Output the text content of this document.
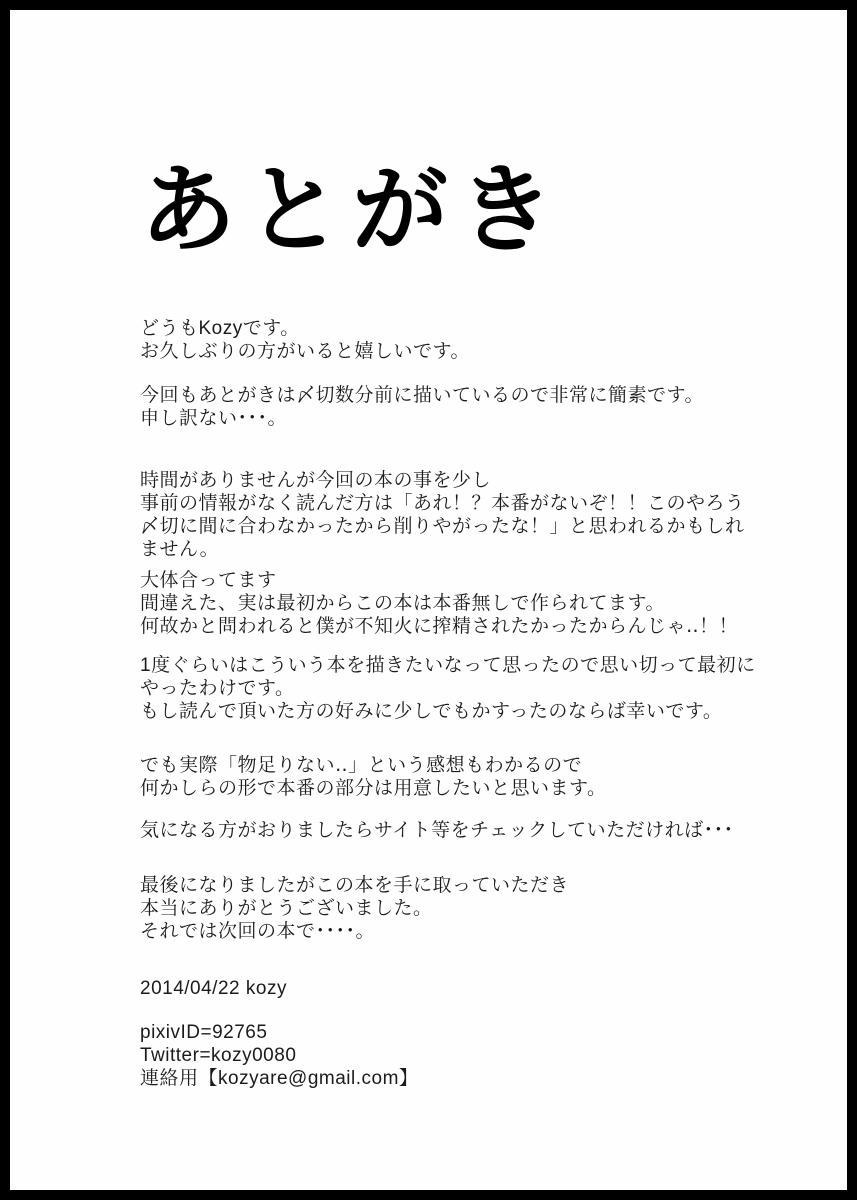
あとがき
どうもKozyです。
お久しぶりの方がいると嬉しいです。
今回もあとがきは〆切数分前に描いているので非常に簡素です。
申し訳ない･･･。
時間がありませんが今回の本の事を少し
事前の情報がなく読んだ方は「あれ！？本番がないぞ！！このやろう
〆切に間に合わなかったから削りやがったな！」と思われるかもしれ
ません。
大体合ってます
間違えた、実は最初からこの本は本番無しで作られてます。
何故かと問われると僕が不知火に搾精されたかったからんじゃ‥！！
1度ぐらいはこういう本を描きたいなって思ったので思い切って最初に
やったわけです。
もし読んで頂いた方の好みに少しでもかすったのならば幸いです。
でも実際「物足りない‥」という感想もわかるので
何かしらの形で本番の部分は用意したいと思います。
気になる方がおりましたらサイト等をチェックしていただければ･･･
最後になりましたがこの本を手に取っていただき
本当にありがとうございました。
それでは次回の本で････。
2014/04/22 kozy
pixivID=92765
Twitter=kozy0080
連絡用【kozyare@gmail.com】
